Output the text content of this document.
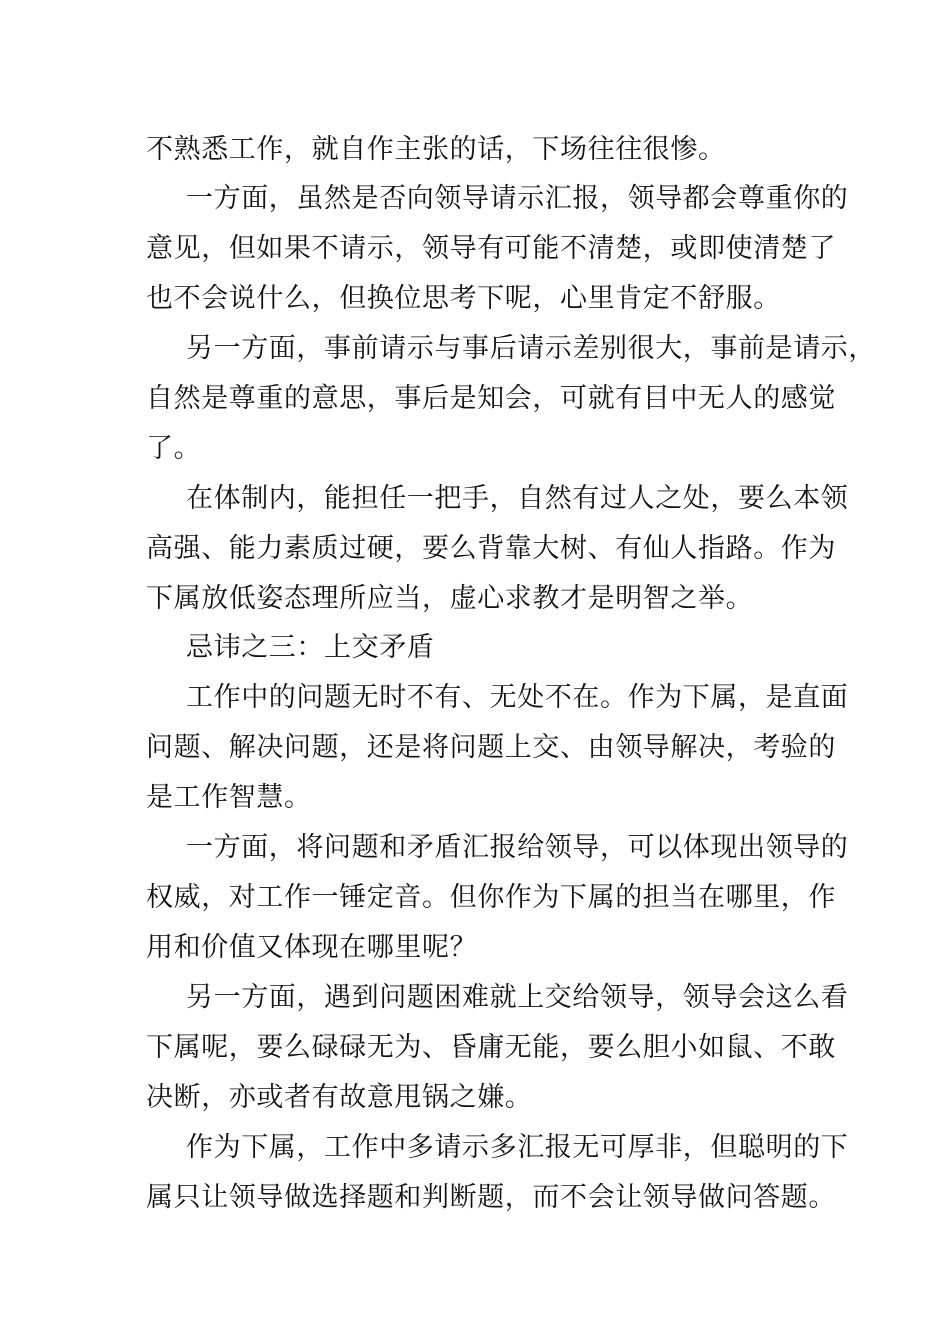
不熟悉工作，就自作主张的话，下场往往很惨。
一方面，虽然是否向领导请示汇报，领导都会尊重你的
意见，但如果不请示，领导有可能不清楚，或即使清楚了
也不会说什么，但换位思考下呢，心里肯定不舒服。
另一方面，事前请示与事后请示差别很大，事前是请示，
自然是尊重的意思，事后是知会，可就有目中无人的感觉
了。
在体制内，能担任一把手，自然有过人之处，要么本领
高强、能力素质过硬，要么背靠大树、有仙人指路。作为
下属放低姿态理所应当，虚心求教才是明智之举。
忌讳之三：上交矛盾
工作中的问题无时不有、无处不在。作为下属，是直面
问题、解决问题，还是将问题上交、由领导解决，考验的
是工作智慧。
一方面，将问题和矛盾汇报给领导，可以体现出领导的
权威，对工作一锤定音。但你作为下属的担当在哪里，作
用和价值又体现在哪里呢？
另一方面，遇到问题困难就上交给领导，领导会这么看
下属呢，要么碌碌无为、昏庸无能，要么胆小如鼠、不敢
决断，亦或者有故意甩锅之嫌。
作为下属，工作中多请示多汇报无可厚非，但聪明的下
属只让领导做选择题和判断题，而不会让领导做问答题。
